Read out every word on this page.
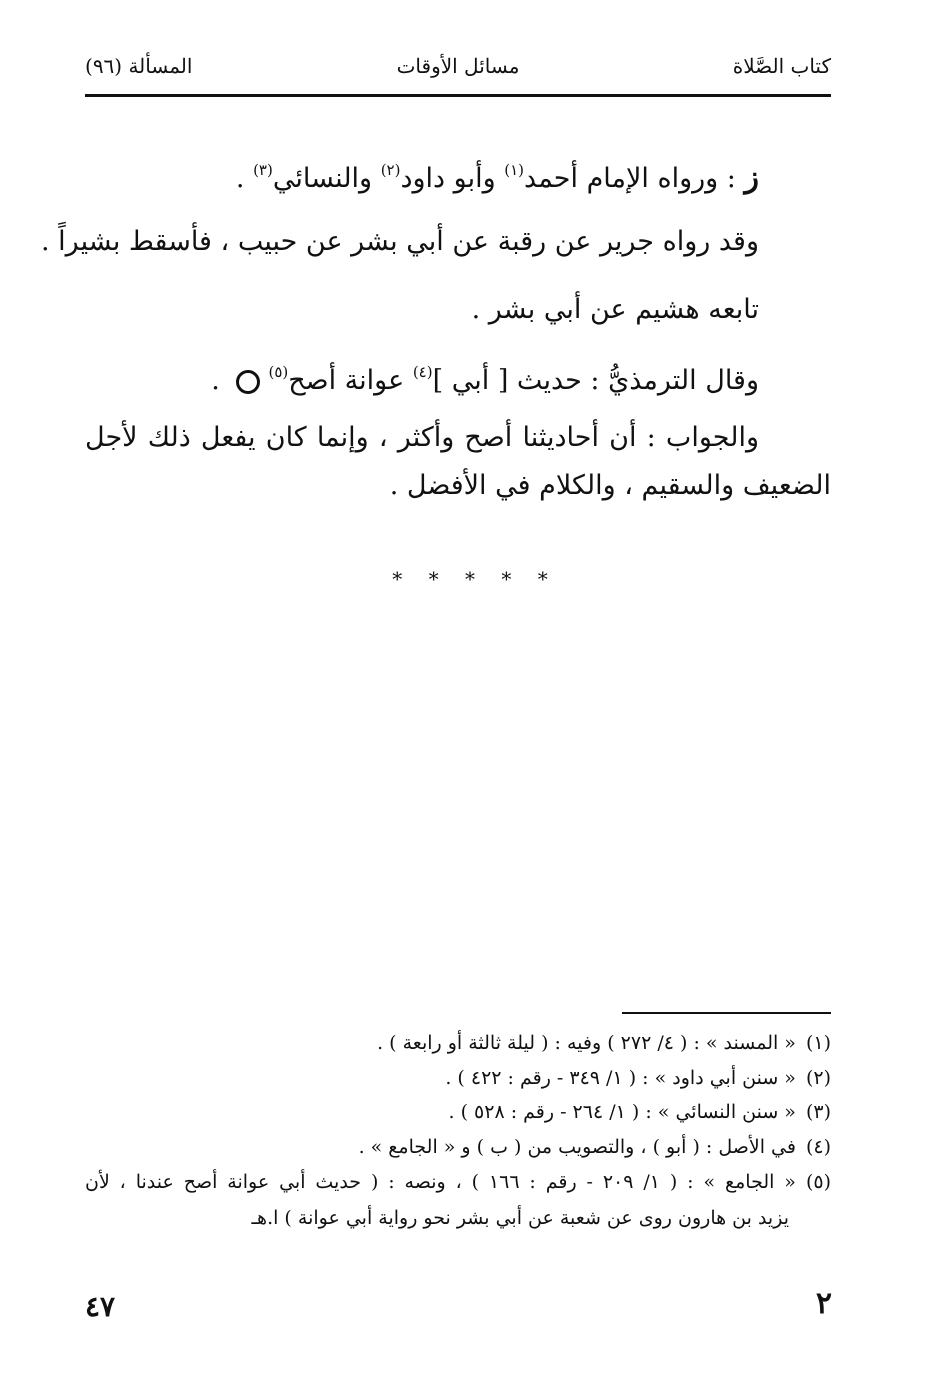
كتاب الصَّلاة
مسائل الأوقات
المسألة (٩٦)
ز : ورواه الإمام أحمد$^{(١)}$ وأبو داود$^{(٢)}$ والنسائي$^{(٣)}$ .
وقد رواه جرير عن رقبة عن أبي بشر عن حبيب ، فأسقط بشيراً .
تابعه هشيم عن أبي بشر .
وقال الترمذيُّ : حديث [ أبي ]$^{(٤)}$ عوانة أصح$^{(٥)}$ .
والجواب : أن أحاديثنا أصح وأكثر ، وإنما كان يفعل ذلك لأجل
الضعيف والسقيم ، والكلام في الأفضل .
* * * * *
(١)« المسند » : ( ٤/ ٢٧٢ ) وفيه : ( ليلة ثالثة أو رابعة ) .
(٢)« سنن أبي داود » : ( ١/ ٣٤٩ - رقم : ٤٢٢ ) .
(٣)« سنن النسائي » : ( ١/ ٢٦٤ - رقم : ٥٢٨ ) .
(٤)في الأصل : ( أبو ) ، والتصويب من ( ب ) و « الجامع » .
(٥)« الجامع » : ( ١/ ٢٠٩ - رقم : ١٦٦ ) ، ونصه : ( حديث أبي عوانة أصح عندنا ، لأن
يزيد بن هارون روى عن شعبة عن أبي بشر نحو رواية أبي عوانة ) ا.هـ
٤٧	٢
